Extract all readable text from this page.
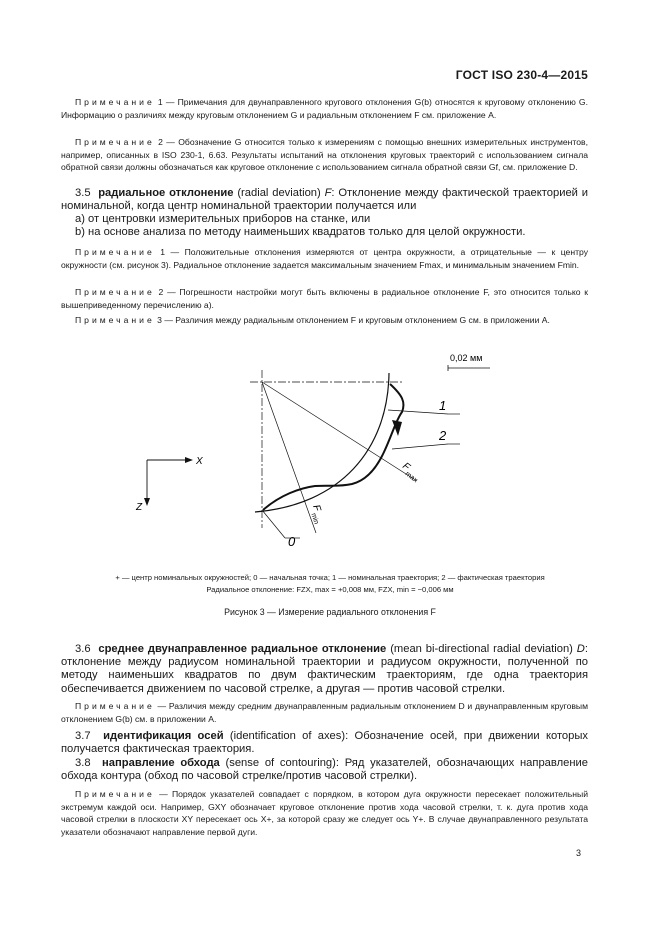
ГОСТ ISO 230-4—2015
Примечание 1 — Примечания для двунаправленного кругового отклонения G(b) относятся к круговому отклонению G. Информацию о различиях между круговым отклонением G и радиальным отклонением F см. приложение А.
Примечание 2 — Обозначение G относится только к измерениям с помощью внешних измерительных инструментов, например, описанных в ISO 230-1, 6.63. Результаты испытаний на отклонения круговых траекторий с использованием сигнала обратной связи должны обозначаться как круговое отклонение с использованием сигнала обратной связи Gf, см. приложение D.
3.5 радиальное отклонение (radial deviation) F: Отклонение между фактической траекторией и номинальной, когда центр номинальной траектории получается или
a) от центровки измерительных приборов на станке, или
b) на основе анализа по методу наименьших квадратов только для целой окружности.
Примечание 1 — Положительные отклонения измеряются от центра окружности, а отрицательные — к центру окружности (см. рисунок 3). Радиальное отклонение задается максимальным значением Fmax, и минимальным значением Fmin.
Примечание 2 — Погрешности настройки могут быть включены в радиальное отклонение F, это относится только к вышеприведенному перечислению а).
Примечание 3 — Различия между радиальным отклонением F и круговым отклонением G см. в приложении А.
0,02 мм
1
2
0
F
max
F
min
X
Z
+ — центр номинальных окружностей; 0 — начальная точка; 1 — номинальная траектория; 2 — фактическая траектория
Радиальное отклонение: FZX, max = +0,008 мм, FZX, min = −0,006 мм
Рисунок 3 — Измерение радиального отклонения F
3.6 среднее двунаправленное радиальное отклонение (mean bi-directional radial deviation) D: отклонение между радиусом номинальной траектории и радиусом окружности, полученной по методу наименьших квадратов по двум фактическим траекториям, где одна траектория обеспечивается движением по часовой стрелке, а другая — против часовой стрелки.
Примечание — Различия между средним двунаправленным радиальным отклонением D и двунаправленным круговым отклонением G(b) см. в приложении А.
3.7 идентификация осей (identification of axes): Обозначение осей, при движении которых получается фактическая траектория.
3.8 направление обхода (sense of contouring): Ряд указателей, обозначающих направление обхода контура (обход по часовой стрелке/против часовой стрелки).
Примечание — Порядок указателей совпадает с порядком, в котором дуга окружности пересекает положительный экстремум каждой оси. Например, GXY обозначает круговое отклонение против хода часовой стрелки, т. к. дуга против хода часовой стрелки в плоскости XY пересекает ось X+, за которой сразу же следует ось Y+. В случае двунаправленного результата указатели обозначают направление первой дуги.
3
